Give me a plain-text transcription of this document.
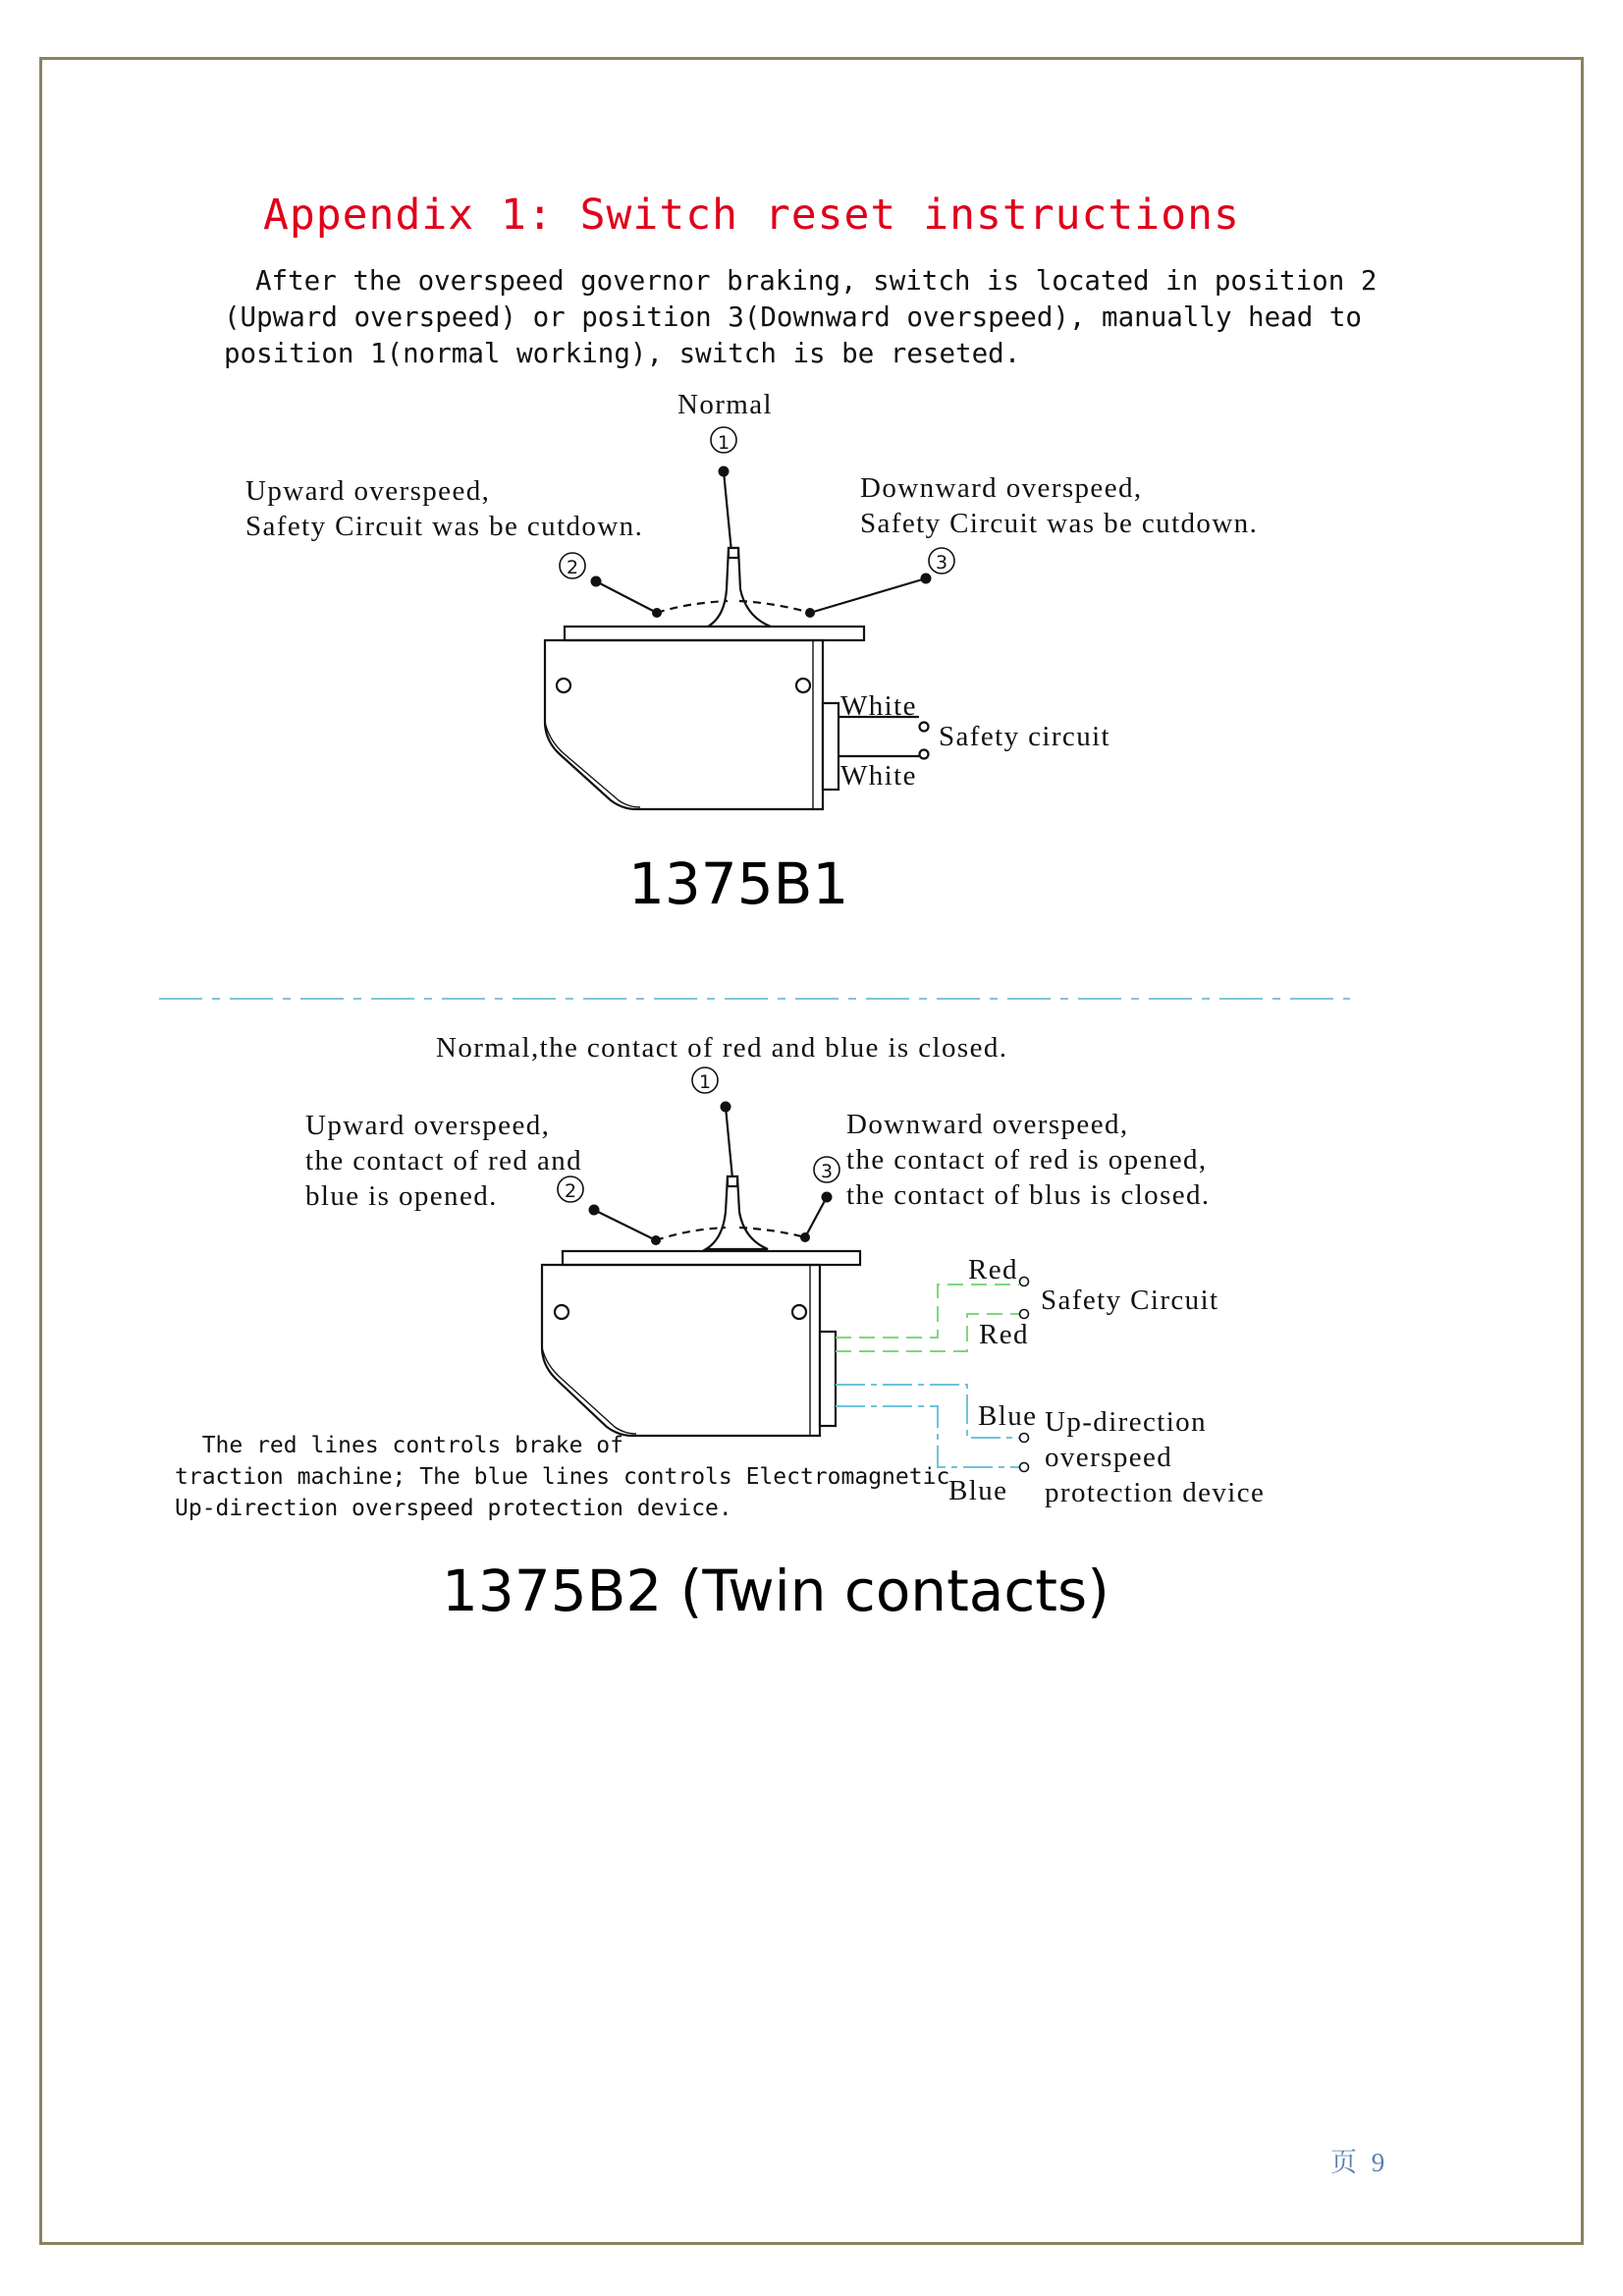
Appendix 1: Switch reset instructions
After the overspeed governor braking, switch is located in position 2
(Upward overspeed) or position 3(Downward overspeed), manually head to
position 1(normal working), switch is be reseted.
Normal
Upward overspeed,
Safety Circuit was be cutdown.
Downward overspeed,
Safety Circuit was be cutdown.
White
White
Safety circuit
1375B1
Normal,the contact of red and blue is closed.
Upward overspeed,
the contact of red and
blue is opened.
Downward overspeed,
the contact of red is opened,
the contact of blus is closed.
Red
Red
Safety Circuit
Blue
Blue
Up-direction
overspeed
protection device
The red lines controls brake of
traction machine; The blue lines controls Electromagnetic
Up-direction overspeed protection device.
1375B2 (Twin contacts)
页 9
1
2	3
1
2
3
